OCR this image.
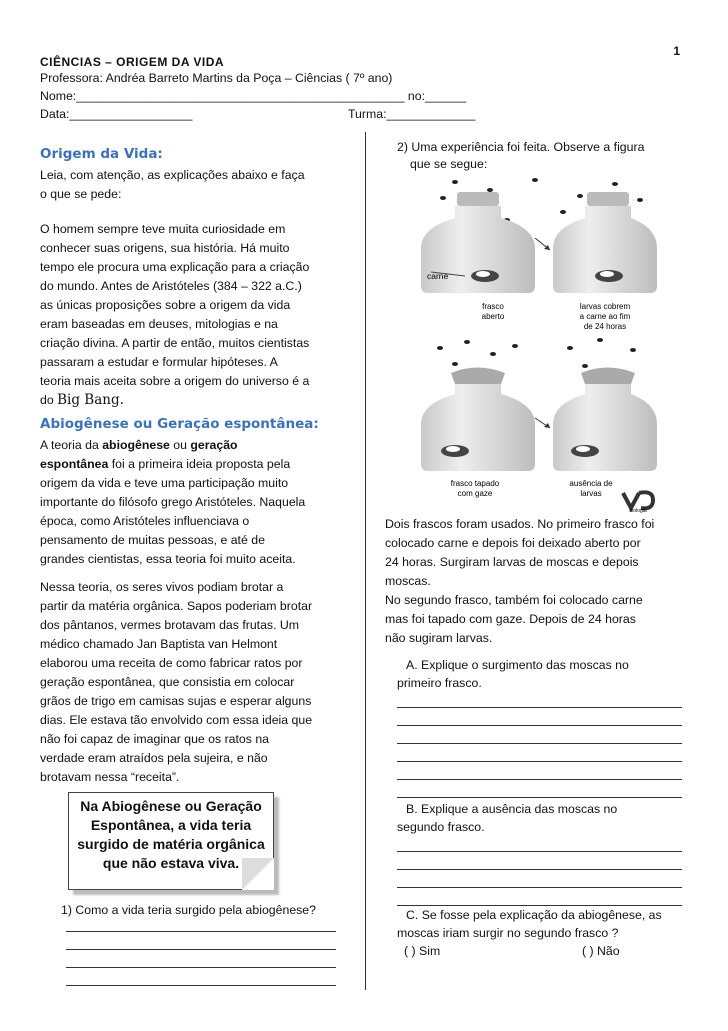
1
CIÊNCIAS – ORIGEM DA VIDA
Professora: Andréa Barreto Martins da Poça – Ciências ( 7º ano)
Nome:________________________________________________ no:______
Data:__________________	Turma:_____________
Origem da Vida:
Leia, com atenção, as explicações abaixo e faça
o que se pede:
O homem sempre teve muita curiosidade em
conhecer suas origens, sua história. Há muito
tempo ele procura uma explicação para a criação
do mundo. Antes de Aristóteles (384 – 322 a.C.)
as únicas proposições sobre a origem da vida
eram baseadas em deuses, mitologias e na
criação divina. A partir de então, muitos cientistas
passaram a estudar e formular hipóteses. A
teoria mais aceita sobre a origem do universo é a
do Big Bang.
Abiogênese ou Geração espontânea:
A teoria da abiogênese ou geração
espontânea foi a primeira ideia proposta pela
origem da vida e teve uma participação muito
importante do filósofo grego Aristóteles. Naquela
época, como Aristóteles influenciava o
pensamento de muitas pessoas, e até de
grandes cientistas, essa teoria foi muito aceita.
Nessa teoria, os seres vivos podiam brotar a
partir da matéria orgânica. Sapos poderiam brotar
dos pântanos, vermes brotavam das frutas. Um
médico chamado Jan Baptista van Helmont
elaborou uma receita de como fabricar ratos por
geração espontânea, que consistia em colocar
grãos de trigo em camisas sujas e esperar alguns
dias. Ele estava tão envolvido com essa ideia que
não foi capaz de imaginar que os ratos na
verdade eram atraídos pela sujeira, e não
brotavam nessa “receita”.
Na Abiogênese ou Geração
Espontânea, a vida teria
surgido de matéria orgânica
que não estava viva.
1) Como a vida teria surgido pela abiogênese?
2) Uma experiência foi feita. Observe a figura
que se segue:
carne
frasco
aberto
larvas cobrem
a carne ao fim
de 24 horas
frasco tapado
com gaze
ausência de
larvas
biologia
Dois frascos foram usados. No primeiro frasco foi
colocado carne e depois foi deixado aberto por
24 horas. Surgiram larvas de moscas e depois
moscas.
No segundo frasco, também foi colocado carne
mas foi tapado com gaze. Depois de 24 horas
não sugiram larvas.
A. Explique o surgimento das moscas no
primeiro frasco.
B. Explique a ausência das moscas no
segundo frasco.
C. Se fosse pela explicação da abiogênese, as
moscas iriam surgir no segundo frasco ?
( ) Sim	( ) Não
